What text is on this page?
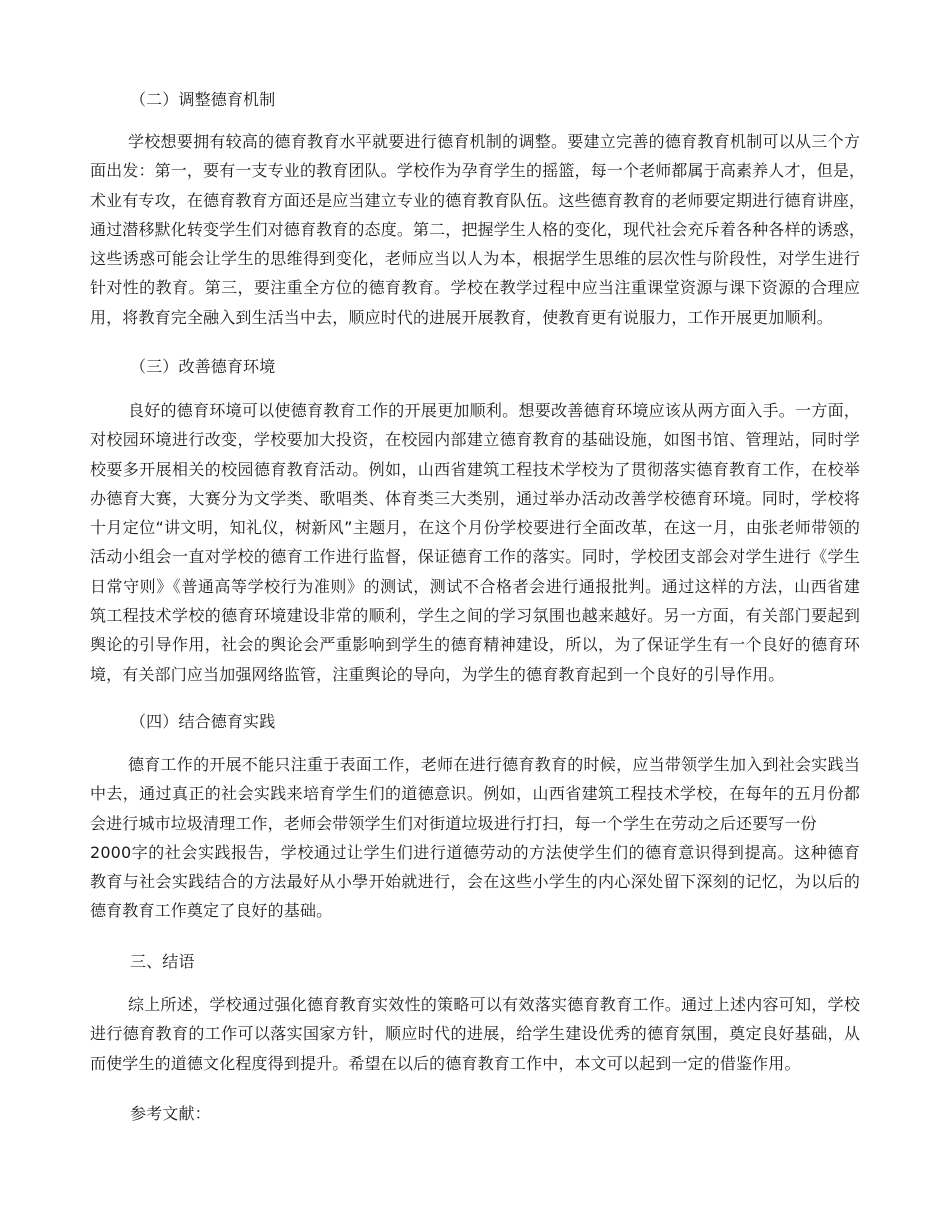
（二）调整德育机制
学校想要拥有较高的德育教育水平就要进行德育机制的调整。要建立完善的德育教育机制可以从三个方
面出发：第一，要有一支专业的教育团队。学校作为孕育学生的摇篮，每一个老师都属于高素养人才，但是，
术业有专攻，在德育教育方面还是应当建立专业的德育教育队伍。这些德育教育的老师要定期进行德育讲座，
通过潜移默化转变学生们对德育教育的态度。第二，把握学生人格的变化，现代社会充斥着各种各样的诱惑，
这些诱惑可能会让学生的思维得到变化，老师应当以人为本，根据学生思维的层次性与阶段性，对学生进行
针对性的教育。第三，要注重全方位的德育教育。学校在教学过程中应当注重课堂资源与课下资源的合理应
用，将教育完全融入到生活当中去，顺应时代的进展开展教育，使教育更有说服力，工作开展更加顺利。
（三）改善德育环境
良好的德育环境可以使德育教育工作的开展更加顺利。想要改善德育环境应该从两方面入手。一方面，
对校园环境进行改变，学校要加大投资，在校园内部建立德育教育的基础设施，如图书馆、管理站，同时学
校要多开展相关的校园德育教育活动。例如，山西省建筑工程技术学校为了贯彻落实德育教育工作，在校举
办德育大赛，大赛分为文学类、歌唱类、体育类三大类别，通过举办活动改善学校德育环境。同时，学校将
十月定位“讲文明，知礼仪，树新风”主题月，在这个月份学校要进行全面改革，在这一月，由张老师带领的
活动小组会一直对学校的德育工作进行监督，保证德育工作的落实。同时，学校团支部会对学生进行《学生
日常守则》《普通高等学校行为准则》的测试，测试不合格者会进行通报批判。通过这样的方法，山西省建
筑工程技术学校的德育环境建设非常的顺利，学生之间的学习氛围也越来越好。另一方面，有关部门要起到
舆论的引导作用，社会的舆论会严重影响到学生的德育精神建设，所以，为了保证学生有一个良好的德育环
境，有关部门应当加强网络监管，注重舆论的导向，为学生的德育教育起到一个良好的引导作用。
（四）结合德育实践
德育工作的开展不能只注重于表面工作，老师在进行德育教育的时候，应当带领学生加入到社会实践当
中去，通过真正的社会实践来培育学生们的道德意识。例如，山西省建筑工程技术学校，在每年的五月份都
会进行城市垃圾清理工作，老师会带领学生们对街道垃圾进行打扫，每一个学生在劳动之后还要写一份
2000字的社会实践报告，学校通过让学生们进行道德劳动的方法使学生们的德育意识得到提高。这种德育
教育与社会实践结合的方法最好从小學开始就进行，会在这些小学生的内心深处留下深刻的记忆，为以后的
德育教育工作奠定了良好的基础。
三、结语
综上所述，学校通过强化德育教育实效性的策略可以有效落实德育教育工作。通过上述内容可知，学校
进行德育教育的工作可以落实国家方针，顺应时代的进展，给学生建设优秀的德育氛围，奠定良好基础，从
而使学生的道德文化程度得到提升。希望在以后的德育教育工作中，本文可以起到一定的借鉴作用。
参考文献：
